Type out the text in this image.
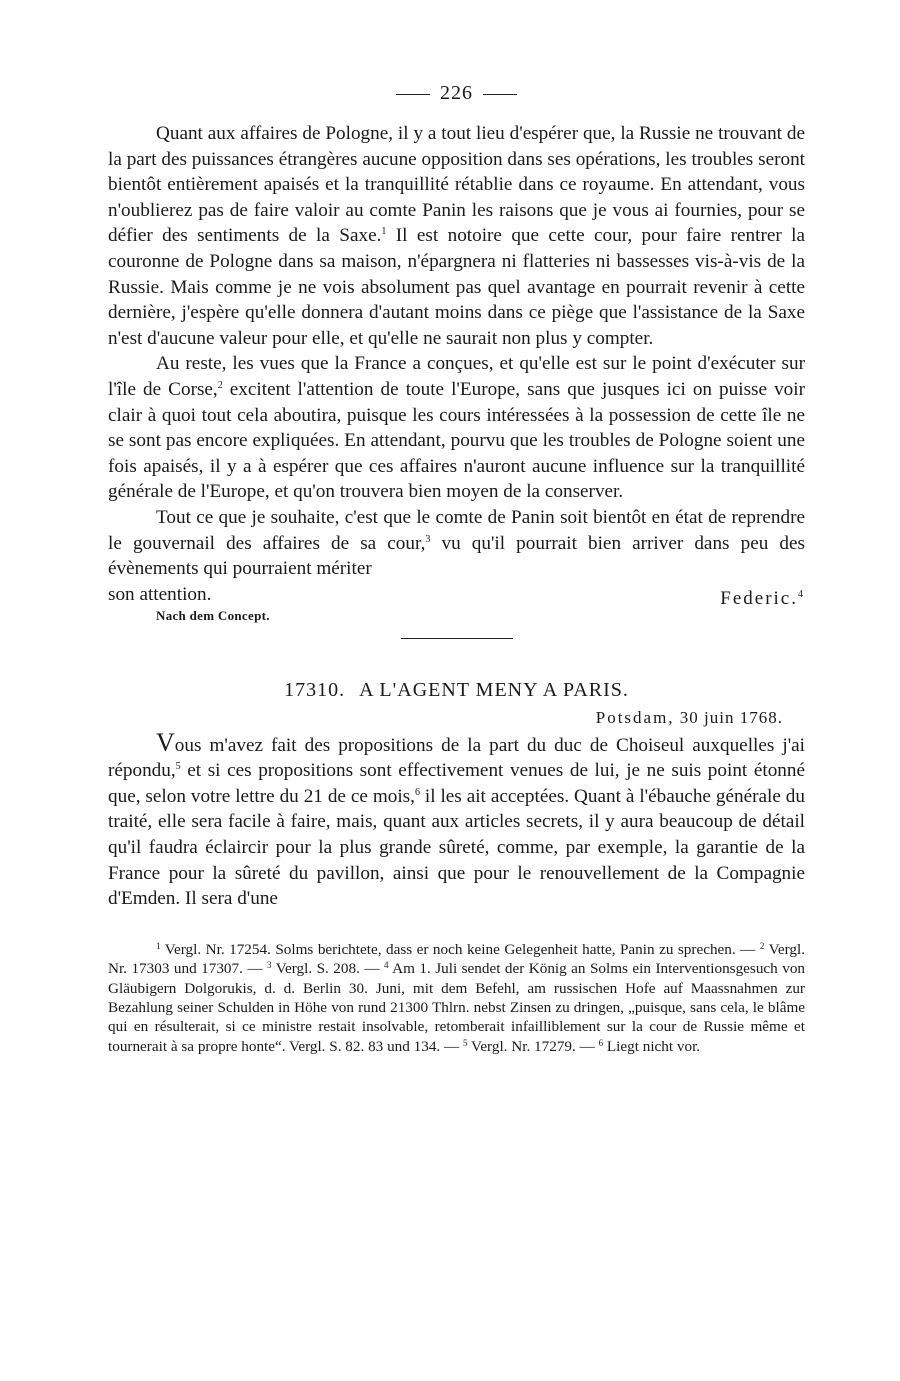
226

Quant aux affaires de Pologne, il y a tout lieu d'espérer que, la Russie ne trouvant de la part des puissances étrangères aucune opposition dans ses opérations, les troubles seront bientôt entièrement apaisés et la tranquillité rétablie dans ce royaume. En attendant, vous n'oublierez pas de faire valoir au comte Panin les raisons que je vous ai fournies, pour se défier des sentiments de la Saxe.$^1$ Il est notoire que cette cour, pour faire rentrer la couronne de Pologne dans sa maison, n'épargnera ni flatteries ni bassesses vis-à-vis de la Russie. Mais comme je ne vois absolument pas quel avantage en pourrait revenir à cette dernière, j'espère qu'elle donnera d'autant moins dans ce piège que l'assistance de la Saxe n'est d'aucune valeur pour elle, et qu'elle ne saurait non plus y compter.

Au reste, les vues que la France a conçues, et qu'elle est sur le point d'exécuter sur l'île de Corse,$^2$ excitent l'attention de toute l'Europe, sans que jusques ici on puisse voir clair à quoi tout cela aboutira, puisque les cours intéressées à la possession de cette île ne se sont pas encore expliquées. En attendant, pourvu que les troubles de Pologne soient une fois apaisés, il y a à espérer que ces affaires n'auront aucune influence sur la tranquillité générale de l'Europe, et qu'on trouvera bien moyen de la conserver.

Tout ce que je souhaite, c'est que le comte de Panin soit bientôt en état de reprendre le gouvernail des affaires de sa cour,$^3$ vu qu'il pourrait bien arriver dans peu des évènements qui pourraient mériter

son attention.	Federic.$^4$
Nach dem Concept.
17310. A L'AGENT MENY A PARIS.
Potsdam, 30 juin 1768.

Vous m'avez fait des propositions de la part du duc de Choiseul auxquelles j'ai répondu,$^5$ et si ces propositions sont effectivement venues de lui, je ne suis point étonné que, selon votre lettre du 21 de ce mois,$^6$ il les ait acceptées. Quant à l'ébauche générale du traité, elle sera facile à faire, mais, quant aux articles secrets, il y aura beaucoup de détail qu'il faudra éclaircir pour la plus grande sûreté, comme, par exemple, la garantie de la France pour la sûreté du pavillon, ainsi que pour le renouvellement de la Compagnie d'Emden. Il sera d'une

$^1$ Vergl. Nr. 17254. Solms berichtete, dass er noch keine Gelegenheit hatte, Panin zu sprechen. — $^2$ Vergl. Nr. 17303 und 17307. — $^3$ Vergl. S. 208. — $^4$ Am 1. Juli sendet der König an Solms ein Interventionsgesuch von Gläubigern Dolgorukis, d. d. Berlin 30. Juni, mit dem Befehl, am russischen Hofe auf Maassnahmen zur Bezahlung seiner Schulden in Höhe von rund 21300 Thlrn. nebst Zinsen zu dringen, „puisque, sans cela, le blâme qui en résulterait, si ce ministre restait insolvable, retomberait infailliblement sur la cour de Russie même et tournerait à sa propre honte“. Vergl. S. 82. 83 und 134. — $^5$ Vergl. Nr. 17279. — $^6$ Liegt nicht vor.
